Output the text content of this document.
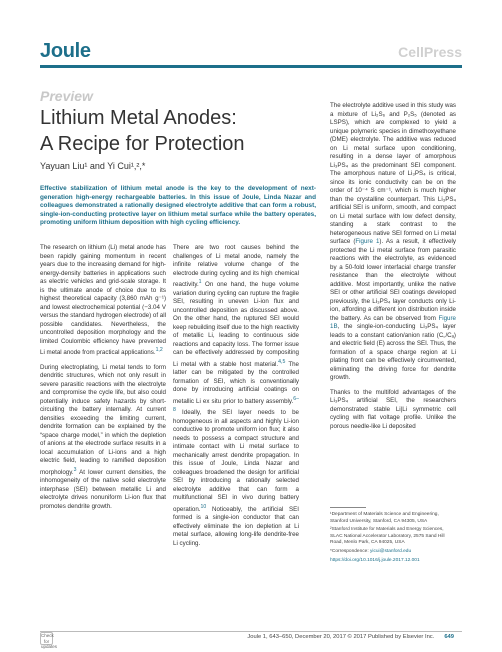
Joule	CellPress
Preview
Lithium Metal Anodes:
A Recipe for Protection
Yayuan Liu¹ and Yi Cui¹,²,*
Effective stabilization of lithium metal anode is the key to the development of next-generation high-energy rechargeable batteries. In this issue of Joule, Linda Nazar and colleagues demonstrated a rationally designed electrolyte additive that can form a robust, single-ion-conducting protective layer on lithium metal surface while the battery operates, promoting uniform lithium deposition with high cycling efficiency.

The research on lithium (Li) metal anode has been rapidly gaining momentum in recent years due to the increasing demand for high-energy-density batteries in applications such as electric vehicles and grid-scale storage. It is the ultimate anode of choice due to its highest theoretical capacity (3,860 mAh g⁻¹) and lowest electrochemical potential (−3.04 V versus the standard hydrogen electrode) of all possible candidates. Nevertheless, the uncontrolled deposition morphology and the limited Coulombic efficiency have prevented Li metal anode from practical applications.$^{1,2}$

During electroplating, Li metal tends to form dendritic structures, which not only result in severe parasitic reactions with the electrolyte and compromise the cycle life, but also could potentially induce safety hazards by short-circuiting the battery internally. At current densities exceeding the limiting current, dendrite formation can be explained by the “space charge model,” in which the depletion of anions at the electrode surface results in a local accumulation of Li-ions and a high electric field, leading to ramified deposition morphology.$^3$ At lower current densities, the inhomogeneity of the native solid electrolyte interphase (SEI) between metallic Li and electrolyte drives nonuniform Li-ion flux that promotes dendrite growth.

There are two root causes behind the challenges of Li metal anode, namely the infinite relative volume change of the electrode during cycling and its high chemical reactivity.$^1$ On one hand, the huge volume variation during cycling can rupture the fragile SEI, resulting in uneven Li-ion flux and uncontrolled deposition as discussed above. On the other hand, the ruptured SEI would keep rebuilding itself due to the high reactivity of metallic Li, leading to continuous side reactions and capacity loss. The former issue can be effectively addressed by compositing Li metal with a stable host material.$^{4,5}$ The latter can be mitigated by the controlled formation of SEI, which is conventionally done by introducing artificial coatings on metallic Li ex situ prior to battery assembly.$^{6-8}$ Ideally, the SEI layer needs to be homogeneous in all aspects and highly Li-ion conductive to promote uniform ion flux; it also needs to possess a compact structure and intimate contact with Li metal surface to mechanically arrest dendrite propagation. In this issue of Joule, Linda Nazar and colleagues broadened the design for artificial SEI by introducing a rationally selected electrolyte additive that can form a multifunctional SEI in vivo during battery operation.$^{10}$ Noticeably, the artificial SEI formed is a single-ion conductor that can effectively eliminate the ion depletion at Li metal surface, allowing long-life dendrite-free Li cycling.

The electrolyte additive used in this study was a mixture of Li₂S₆ and P₂S₅ (denoted as LSPS), which are complexed to yield a unique polymeric species in dimethoxyethane (DME) electrolyte. The additive was reduced on Li metal surface upon conditioning, resulting in a dense layer of amorphous Li₃PS₄ as the predominant SEI component. The amorphous nature of Li₃PS₄ is critical, since its ionic conductivity can be on the order of 10⁻⁴ S cm⁻¹, which is much higher than the crystalline counterpart. This Li₃PS₄ artificial SEI is uniform, smooth, and compact on Li metal surface with low defect density, standing a stark contrast to the heterogeneous native SEI formed on Li metal surface (Figure 1). As a result, it effectively protected the Li metal surface from parasitic reactions with the electrolyte, as evidenced by a 50-fold lower interfacial charge transfer resistance than the electrolyte without additive. Most importantly, unlike the native SEI or other artificial SEI coatings developed previously, the Li₃PS₄ layer conducts only Li-ion, affording a different ion distribution inside the battery. As can be observed from Figure 1B, the single-ion-conducting Li₃PS₄ layer leads to a constant cation/anion ratio (C꜀/Cₐ) and electric field (E) across the SEI. Thus, the formation of a space charge region at Li plating front can be effectively circumvented, eliminating the driving force for dendrite growth.

Thanks to the multifold advantages of the Li₃PS₄ artificial SEI, the researchers demonstrated stable Li|Li symmetric cell cycling with flat voltage profile. Unlike the porous needle-like Li deposited

¹Department of Materials Science and Engineering, Stanford University, Stanford, CA 94305, USA

²Stanford Institute for Materials and Energy Sciences, SLAC National Accelerator Laboratory, 2575 Sand Hill Road, Menlo Park, CA 94025, USA

*Correspondence: yicui@stanford.edu

https://doi.org/10.1016/j.joule.2017.12.001

Check for updates
Joule 1, 643–650, December 20, 2017 © 2017 Published by Elsevier Inc. 649
